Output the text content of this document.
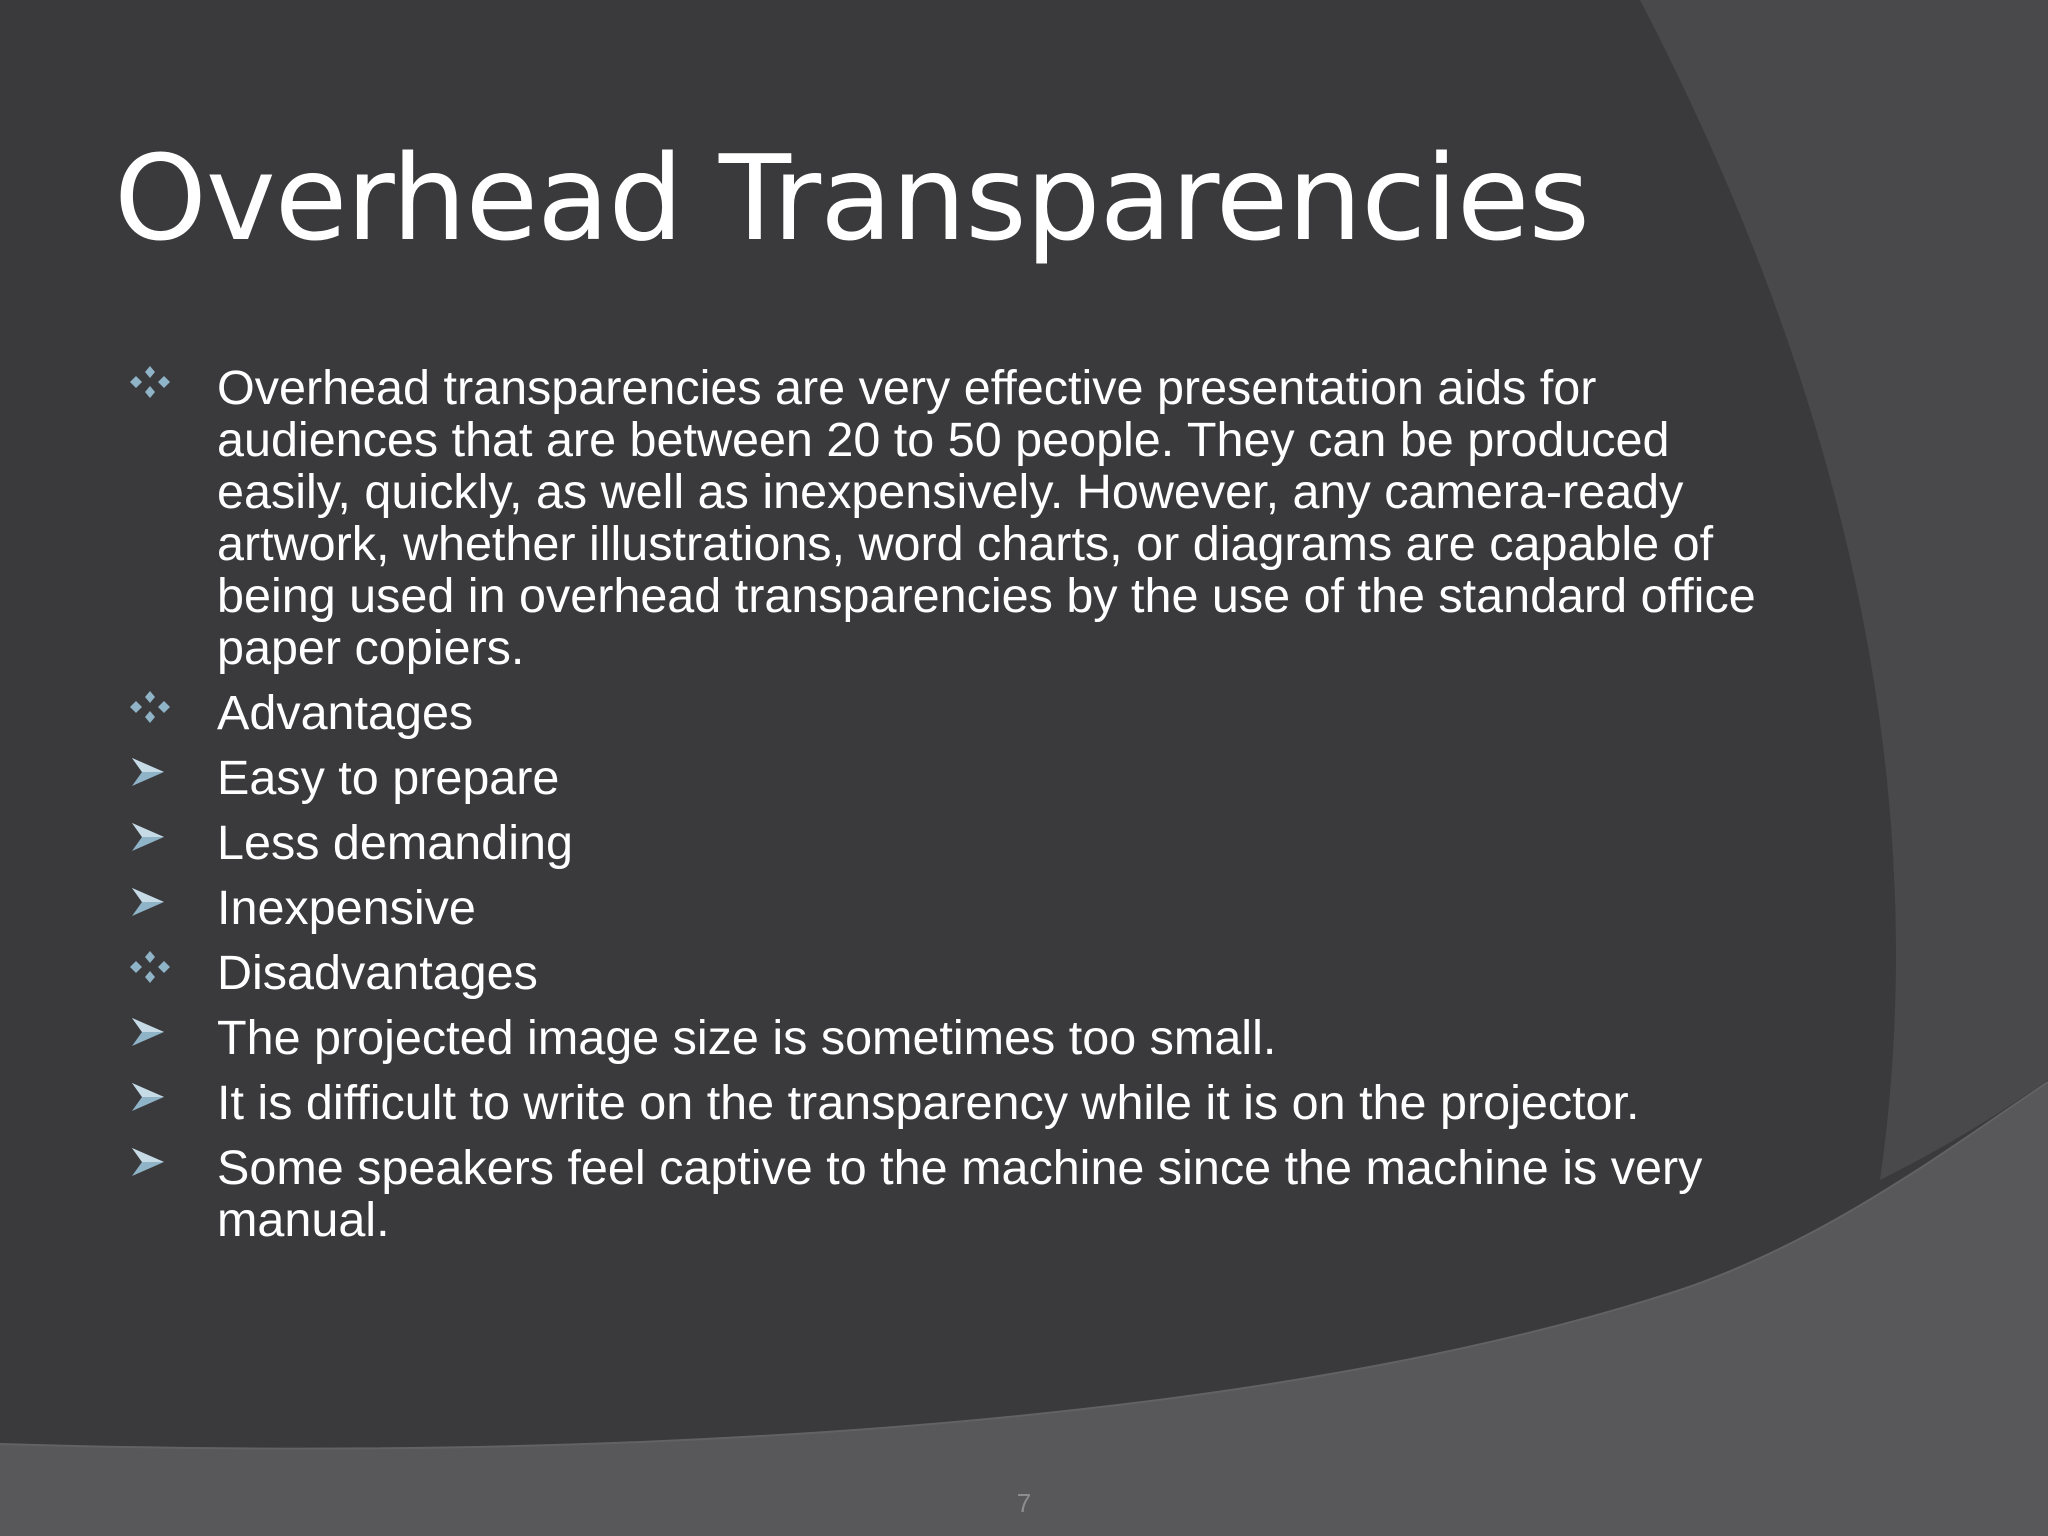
Overhead Transparencies
Overhead transparencies are very effective presentation aids for audiences that are between 20 to 50 people. They can be produced easily, quickly, as well as inexpensively. However, any camera-ready artwork, whether illustrations, word charts, or diagrams are capable of being used in overhead transparencies by the use of the standard office paper copiers.
Advantages
Easy to prepare
Less demanding
Inexpensive
Disadvantages
The projected image size is sometimes too small.
It is difficult to write on the transparency while it is on the projector.
Some speakers feel captive to the machine since the machine is very manual.
7
